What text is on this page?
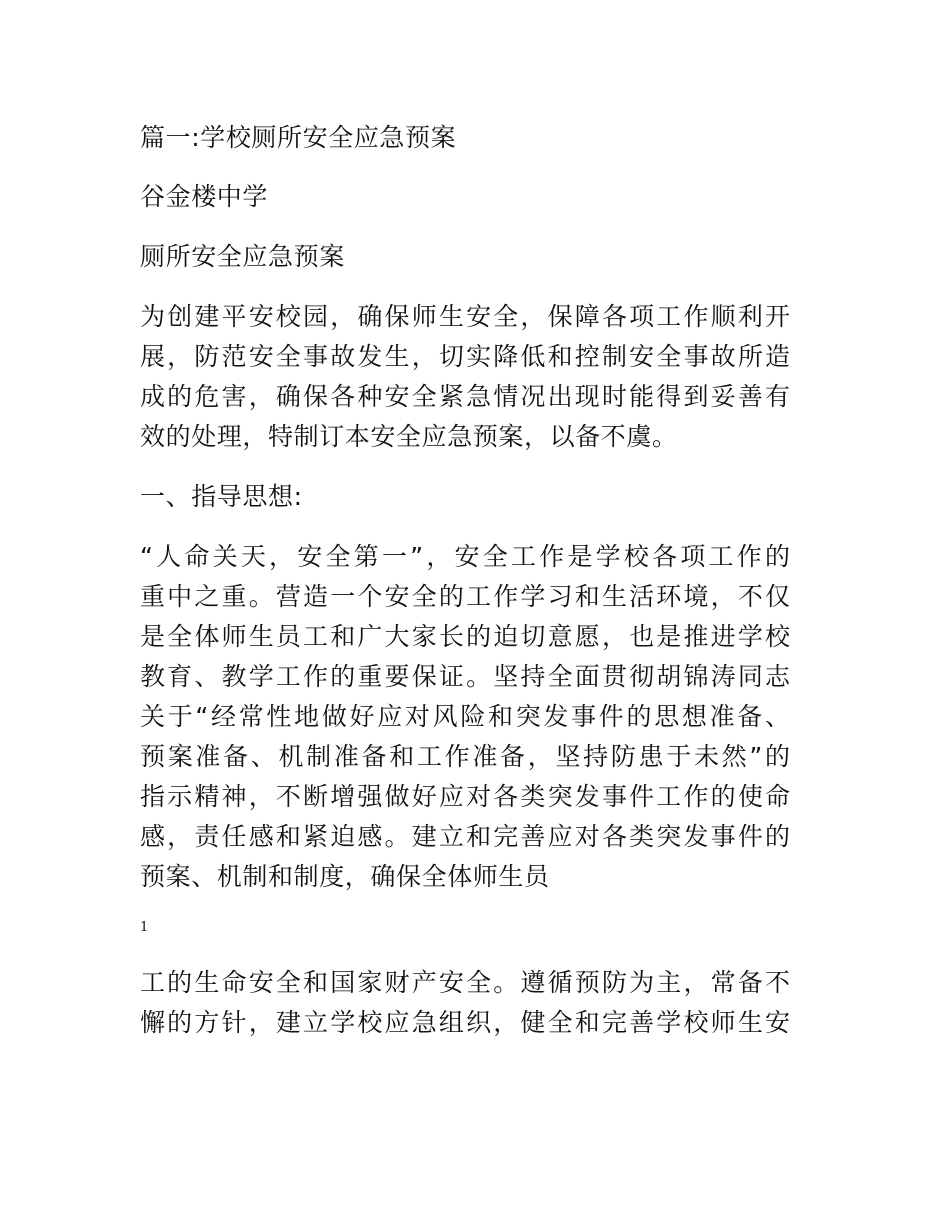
篇一:学校厕所安全应急预案
谷金楼中学
厕所安全应急预案
为创建平安校园，确保师生安全，保障各项工作顺利开
展，防范安全事故发生，切实降低和控制安全事故所造
成的危害，确保各种安全紧急情况出现时能得到妥善有
效的处理，特制订本安全应急预案，以备不虞。
一、指导思想:
“人命关天，安全第一”，安全工作是学校各项工作的
重中之重。营造一个安全的工作学习和生活环境，不仅
是全体师生员工和广大家长的迫切意愿，也是推进学校
教育、教学工作的重要保证。坚持全面贯彻胡锦涛同志
关于“经常性地做好应对风险和突发事件的思想准备、
预案准备、机制准备和工作准备，坚持防患于未然”的
指示精神，不断增强做好应对各类突发事件工作的使命
感，责任感和紧迫感。建立和完善应对各类突发事件的
预案、机制和制度，确保全体师生员
1
工的生命安全和国家财产安全。遵循预防为主，常备不
懈的方针，建立学校应急组织，健全和完善学校师生安
